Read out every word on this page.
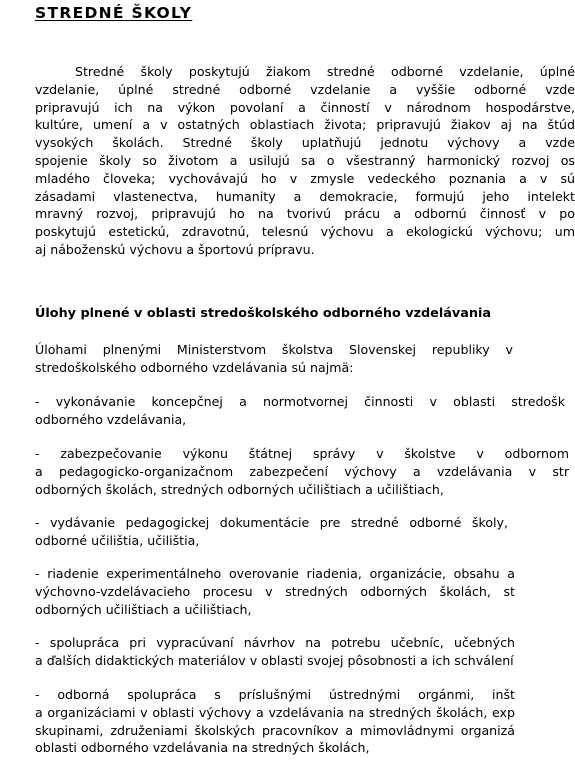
STREDNÉ ŠKOLY
Stredné školy poskytujú žiakom stredné odborné vzdelanie, úplné
vzdelanie, úplné stredné odborné vzdelanie a vyššie odborné vzde
pripravujú ich na výkon povolaní a činností v národnom hospodárstve,
kultúre, umení a v ostatných oblastiach života; pripravujú žiakov aj na štúd
vysokých školách. Stredné školy uplatňujú jednotu výchovy a vzde
spojenie školy so životom a usilujú sa o všestranný harmonický rozvoj os
mladého človeka; vychovávajú ho v zmysle vedeckého poznania a v sú
zásadami vlastenectva, humanity a demokracie, formujú jeho intelekt
mravný rozvoj, pripravujú ho na tvorivú prácu a odbornú činnosť v po
poskytujú estetickú, zdravotnú, telesnú výchovu a ekologickú výchovu; um
aj náboženskú výchovu a športovú prípravu.
Úlohy plnené v oblasti stredoškolského odborného vzdelávania
Úlohami plnenými Ministerstvom školstva Slovenskej republiky v
stredoškolského odborného vzdelávania sú najmä:
- vykonávanie koncepčnej a normotvornej činnosti v oblasti stredošk
odborného vzdelávania,
- zabezpečovanie výkonu štátnej správy v školstve v odbornom
a pedagogicko-organizačnom zabezpečení výchovy a vzdelávania v str
odborných školách, stredných odborných učilištiach a učilištiach,
- vydávanie pedagogickej dokumentácie pre stredné odborné školy,
odborné učilištia, učilištia,
- riadenie experimentálneho overovanie riadenia, organizácie, obsahu a
výchovno-vzdelávacieho procesu v stredných odborných školách, st
odborných učilištiach a učilištiach,
- spolupráca pri vypracúvaní návrhov na potrebu učebníc, učebných
a ďalších didaktických materiálov v oblasti svojej pôsobnosti a ich schválení
- odborná spolupráca s príslušnými ústrednými orgánmi, inšt
a organizáciami v oblasti výchovy a vzdelávania na stredných školách, exp
skupinami, združeniami školských pracovníkov a mimovládnymi organizá
oblasti odborného vzdelávania na stredných školách,
